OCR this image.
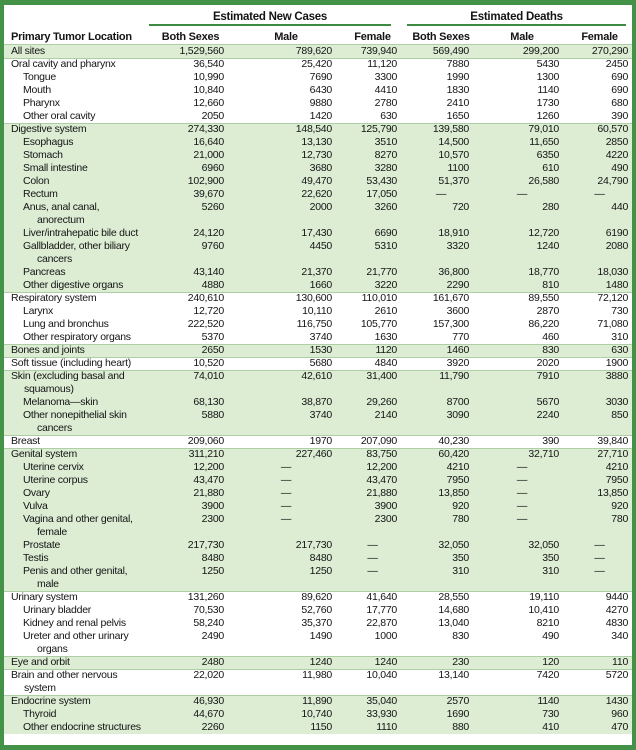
	Estimated New Cases			Estimated Deaths		

Primary Tumor Location	Both Sexes	Male	Female	Both Sexes	Male	Female
All sites	1,529,560	789,620	739,940	569,490	299,200	270,290
Oral cavity and pharynx	36,540	25,420	11,120	7880	5430	2450
Tongue	10,990	7690	3300	1990	1300	690
Mouth	10,840	6430	4410	1830	1140	690
Pharynx	12,660	9880	2780	2410	1730	680
Other oral cavity	2050	1420	630	1650	1260	390
Digestive system	274,330	148,540	125,790	139,580	79,010	60,570
Esophagus	16,640	13,130	3510	14,500	11,650	2850
Stomach	21,000	12,730	8270	10,570	6350	4220
Small intestine	6960	3680	3280	1100	610	490
Colon	102,900	49,470	53,430	51,370	26,580	24,790
Rectum	39,670	22,620	17,050	—	—	—
Anus, anal canal,
anorectum	5260	2000	3260	720	280	440
Liver/intrahepatic bile duct	24,120	17,430	6690	18,910	12,720	6190
Gallbladder, other biliary
cancers	9760	4450	5310	3320	1240	2080
Pancreas	43,140	21,370	21,770	36,800	18,770	18,030
Other digestive organs	4880	1660	3220	2290	810	1480
Respiratory system	240,610	130,600	110,010	161,670	89,550	72,120
Larynx	12,720	10,110	2610	3600	2870	730
Lung and bronchus	222,520	116,750	105,770	157,300	86,220	71,080
Other respiratory organs	5370	3740	1630	770	460	310
Bones and joints	2650	1530	1120	1460	830	630
Soft tissue (including heart)	10,520	5680	4840	3920	2020	1900
Skin (excluding basal and
squamous)	74,010	42,610	31,400	11,790	7910	3880
Melanoma—skin	68,130	38,870	29,260	8700	5670	3030
Other nonepithelial skin
cancers	5880	3740	2140	3090	2240	850
Breast	209,060	1970	207,090	40,230	390	39,840
Genital system	311,210	227,460	83,750	60,420	32,710	27,710
Uterine cervix	12,200	—	12,200	4210	—	4210
Uterine corpus	43,470	—	43,470	7950	—	7950
Ovary	21,880	—	21,880	13,850	—	13,850
Vulva	3900	—	3900	920	—	920
Vagina and other genital,
female	2300	—	2300	780	—	780
Prostate	217,730	217,730	—	32,050	32,050	—
Testis	8480	8480	—	350	350	—
Penis and other genital,
male	1250	1250	—	310	310	—
Urinary system	131,260	89,620	41,640	28,550	19,110	9440
Urinary bladder	70,530	52,760	17,770	14,680	10,410	4270
Kidney and renal pelvis	58,240	35,370	22,870	13,040	8210	4830
Ureter and other urinary
organs	2490	1490	1000	830	490	340
Eye and orbit	2480	1240	1240	230	120	110
Brain and other nervous
system	22,020	11,980	10,040	13,140	7420	5720
Endocrine system	46,930	11,890	35,040	2570	1140	1430
Thyroid	44,670	10,740	33,930	1690	730	960
Other endocrine structures	2260	1150	1110	880	410	470
